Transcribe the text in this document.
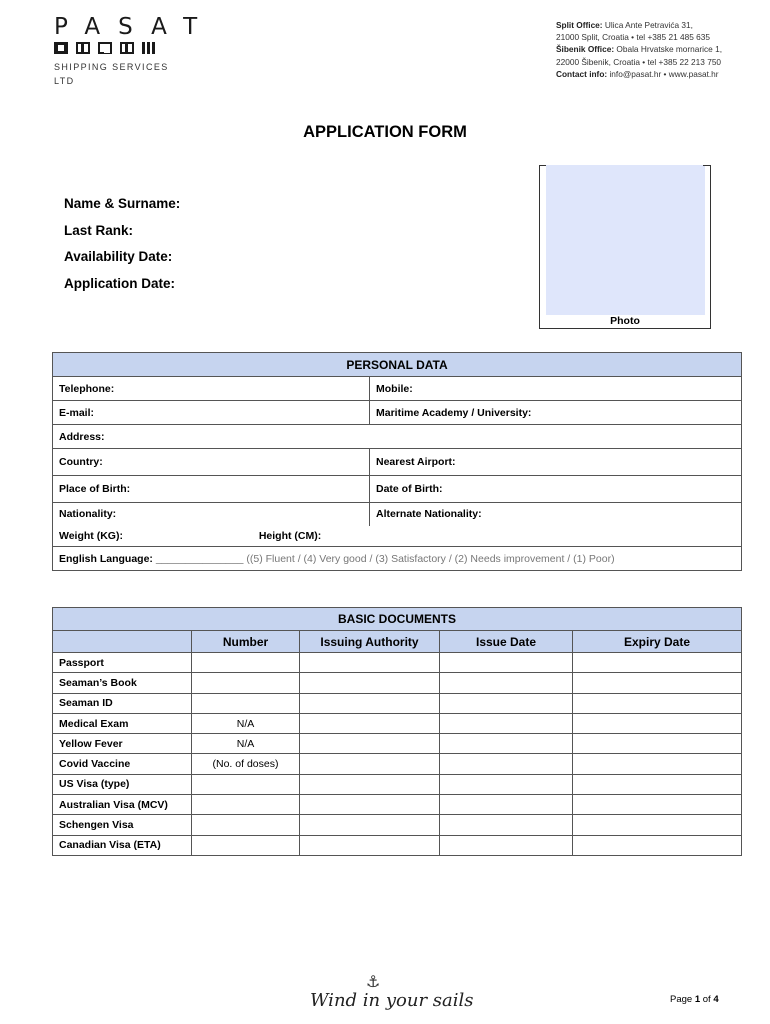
PASAT
SHIPPING SERVICES LTD
Split Office: Ulica Ante Petravića 31,
21000 Split, Croatia • tel +385 21 485 635
Šibenik Office: Obala Hrvatske mornarice 1,
22000 Šibenik, Croatia • tel +385 22 213 750
Contact info: info@pasat.hr • www.pasat.hr
APPLICATION FORM
Name & Surname:
Last Rank:
Availability Date:
Application Date:
Photo
PERSONAL DATA	
Telephone:	Mobile:
E-mail:	Maritime Academy / University:
Address:	
Country:	Nearest Airport:
Place of Birth:	Date of Birth:
Nationality:	Alternate Nationality:
Weight (KG): Height (CM):	
English Language: _______________ ((5) Fluent / (4) Very good / (3) Satisfactory / (2) Needs improvement / (1) Poor)	
BASIC DOCUMENTS				
	Number	Issuing Authority	Issue Date	Expiry Date
Passport				
Seaman’s Book				
Seaman ID				
Medical Exam	N/A			
Yellow Fever	N/A			
Covid Vaccine	(No. of doses)			
US Visa (type)				
Australian Visa (MCV)				
Schengen Visa				
Canadian Visa (ETA)				
⚓
Wind in your sails	Page 1 of 4
